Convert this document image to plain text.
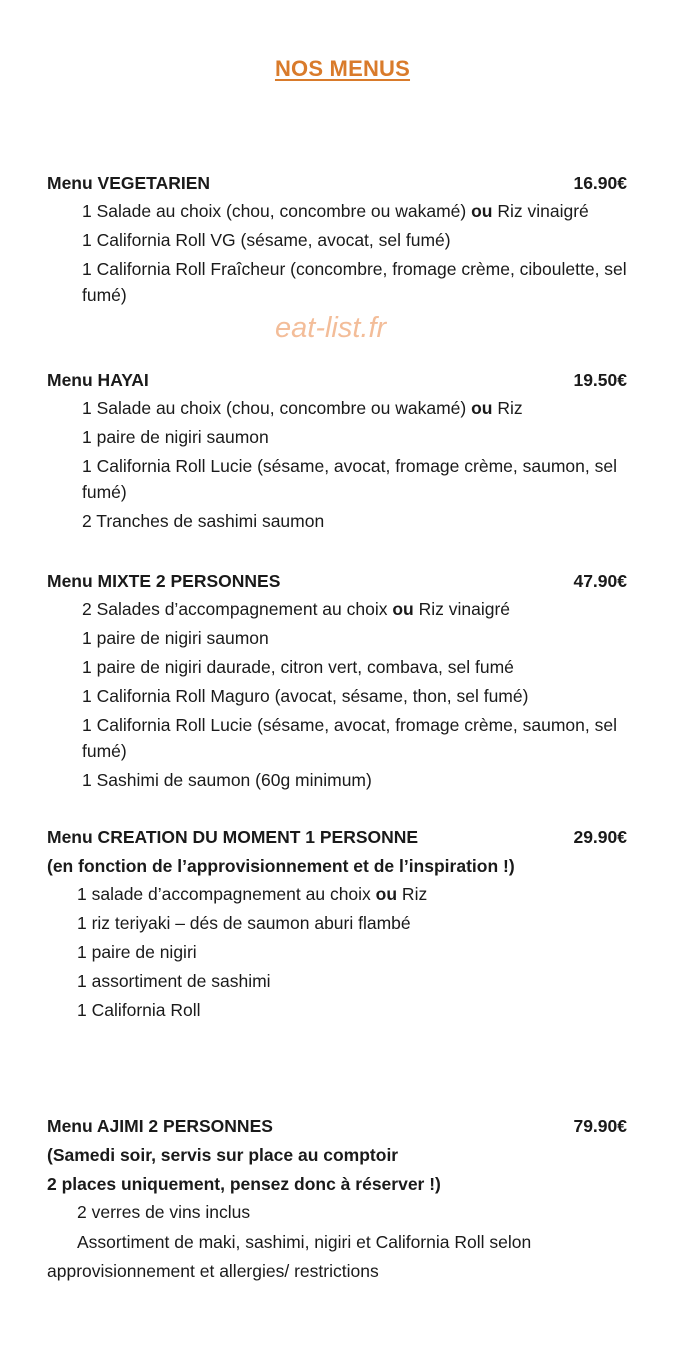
NOS MENUS
Menu VEGETARIEN	16.90€
1 Salade au choix (chou, concombre ou wakamé) ou Riz vinaigré
1 California Roll VG (sésame, avocat, sel fumé)
1 California Roll Fraîcheur (concombre, fromage crème, ciboulette, sel fumé)
eat-list.fr
Menu HAYAI	19.50€
1 Salade au choix (chou, concombre ou wakamé) ou Riz
1 paire de nigiri saumon
1 California Roll Lucie (sésame, avocat, fromage crème, saumon, sel fumé)
2 Tranches de sashimi saumon
Menu MIXTE 2 PERSONNES	47.90€
2 Salades d’accompagnement au choix ou Riz vinaigré
1 paire de nigiri saumon
1 paire de nigiri daurade, citron vert, combava, sel fumé
1 California Roll Maguro (avocat, sésame, thon, sel fumé)
1 California Roll Lucie (sésame, avocat, fromage crème, saumon, sel fumé)
1 Sashimi de saumon (60g minimum)
Menu CREATION DU MOMENT 1 PERSONNE	29.90€
(en fonction de l’approvisionnement et de l’inspiration !)
1 salade d’accompagnement au choix ou Riz
1 riz teriyaki – dés de saumon aburi flambé
1 paire de nigiri
1 assortiment de sashimi
1 California Roll
Menu AJIMI 2 PERSONNES	79.90€
(Samedi soir, servis sur place au comptoir
2 places uniquement, pensez donc à réserver !)
2 verres de vins inclus
Assortiment de maki, sashimi, nigiri et California Roll selon approvisionnement et allergies/ restrictions
